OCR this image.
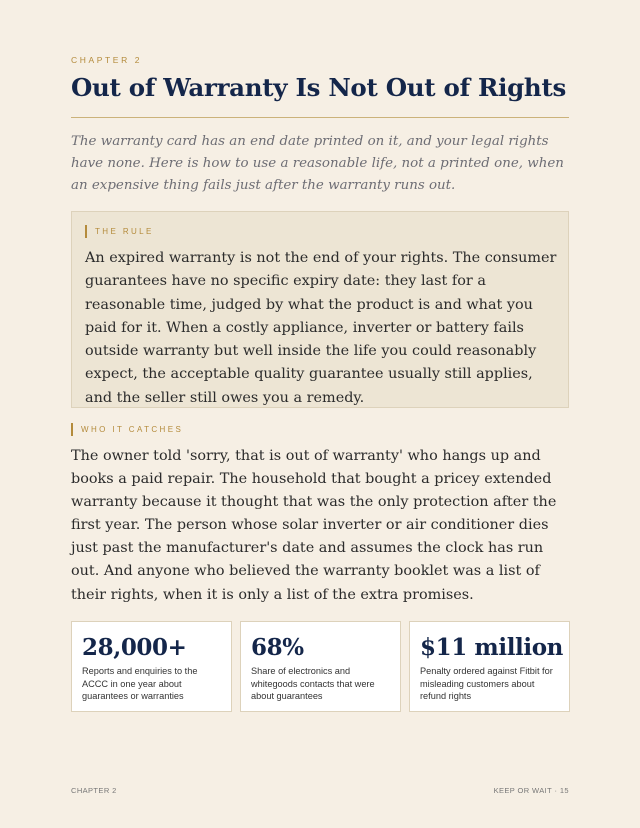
CHAPTER 2
Out of Warranty Is Not Out of Rights
The warranty card has an end date printed on it, and your legal rights have none. Here is how to use a reasonable life, not a printed one, when an expensive thing fails just after the warranty runs out.
THE RULE
An expired warranty is not the end of your rights. The consumer guarantees have no specific expiry date: they last for a reasonable time, judged by what the product is and what you paid for it. When a costly appliance, inverter or battery fails outside warranty but well inside the life you could reasonably expect, the acceptable quality guarantee usually still applies, and the seller still owes you a remedy.
WHO IT CATCHES
The owner told 'sorry, that is out of warranty' who hangs up and books a paid repair. The household that bought a pricey extended warranty because it thought that was the only protection after the first year. The person whose solar inverter or air conditioner dies just past the manufacturer's date and assumes the clock has run out. And anyone who believed the warranty booklet was a list of their rights, when it is only a list of the extra promises.
28,000+
Reports and enquiries to the ACCC in one year about guarantees or warranties
68%
Share of electronics and whitegoods contacts that were about guarantees
$11 million
Penalty ordered against Fitbit for misleading customers about refund rights
CHAPTER 2	KEEP OR WAIT · 15
